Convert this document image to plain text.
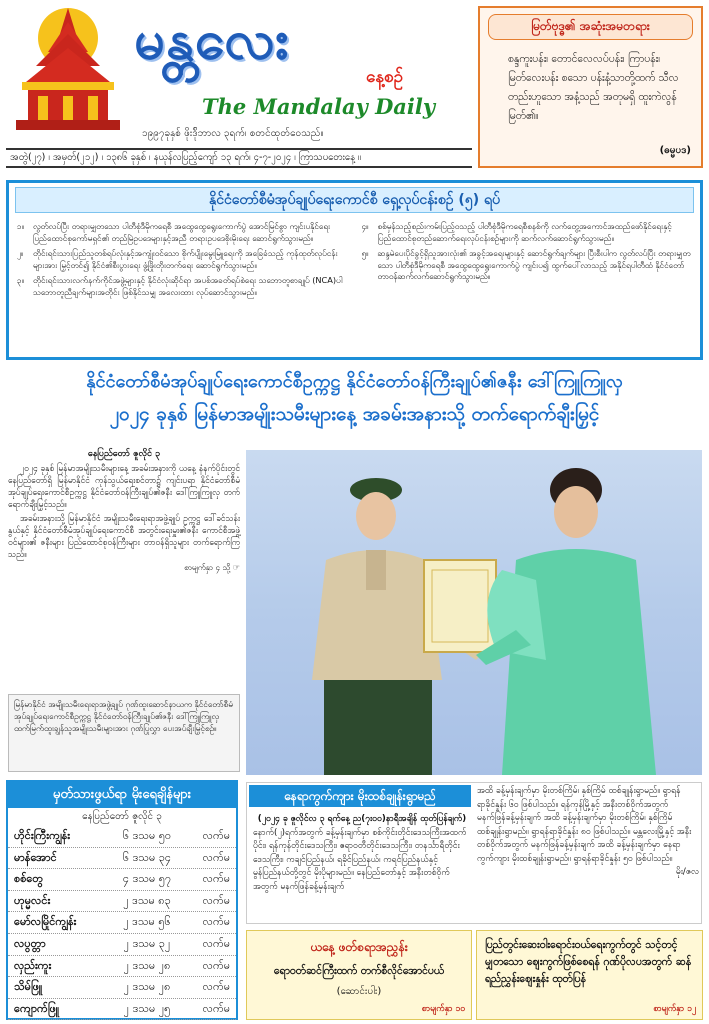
မန္တလေး
နေ့စဉ်
The Mandalay Daily
၁၉၉၇ခုနှစ် ဖိုးဒ်ိုဘာလ ၃ရက်၊ စတင်ထုတ်ဝေသည်။
အတွဲ(၂၇) ၊ အမှတ်(၂၁၂) ၊ ၁၃၈၆ ခုနှစ် ၊ နယုန်လပြည့်ကျော် ၁၃ ရက်၊ ၄-၇-၂၀၂၄ ၊ ကြာသပတေးနေ့ ။
မြတ်ဗုဒ္ဓ၏ အဆုံးအမတရား
စန္ဒကူးပန်း၊ တောင်လေလပ်ပန်း၊ ကြာပန်း၊ မြတ်လေးပန်း စသော ပန်းနံ့သာတို့ထက် သီလတည်းဟူသော အနံ့သည် အတုမရှိ ထူးကဲလွန်မြတ်၏။
(ဓမ္မပဒ)
နိုင်ငံတော်စီမံအုပ်ချုပ်ရေးကောင်စီ ရှေ့လုပ်ငန်းစဉ် (၅) ရပ်
၁။	လွတ်လပ်ပြီး တရားမျှတသော ပါတီစုံဒီမိုကရေစီ အထွေထွေရွေးကောက်ပွဲ အောင်မြင်စွာ ကျင်းပနိုင်ရေး ပြည်ထောင်စုကော်မရှင်၏ တည်မြဲဥပဒေများနှင့်အညီ တရားဥပဒေစိုးမိုးရေး ဆောင်ရွက်သွားမည်။
၂။	တိုင်းရင်းသားပြည်သူတစ်ရပ်လုံးနှင့်အကျုံးဝင်သော စိုက်ပျိုးမွေးမြူရေးကို အခြေခံသည့် ကုန်ထုတ်လုပ်ငန်းများအား မြှင့်တင်၍ နိုင်ငံ၏စီးပွားရေး ဖွံ့ဖြိုးတိုးတက်ရေး ဆောင်ရွက်သွားမည်။
၃။	တိုင်းရင်းသားလက်နက်ကိုင်အဖွဲ့များနှင့် နိုင်ငံလုံးဆိုင်ရာ အပစ်အခတ်ရပ်စဲရေး သဘောတူစာချုပ် (NCA)ပါ သဘောတူညီချက်များအတိုင်း ဖြစ်နိုင်သမျှ အလေးထား လုပ်ဆောင်သွားမည်။
၄။	စစ်မှန်သည့်စည်းကမ်းပြည့်ဝသည့် ပါတီစုံဒီမိုကရေစီစနစ်ကို လက်တွေ့အကောင်အထည်ဖော်နိုင်ရေးနှင့် ပြည်ထောင်စုတည်ဆောက်ရေးလုပ်ငန်းစဉ်များကို ဆက်လက်ဆောင်ရွက်သွားမည်။
၅။	ဆန္ဒမဲပေးပိုင်ခွင့်ရှိသူအားလုံး၏ အခွင့်အရေးများနှင့် ဆောင်ရွက်ချက်များ ပြီးစီးပါက လွတ်လပ်ပြီး တရားမျှတသော ပါတီစုံဒီမိုကရေစီ အထွေထွေရွေးကောက်ပွဲ ကျင်းပ၍ ထွက်ပေါ်လာသည့် အနိုင်ရပါတီထံ နိုင်ငံတော်တာဝန်ဆက်လက်ဆောင်ရွက်သွားမည်။
နိုင်ငံတော်စီမံအုပ်ချုပ်ရေးကောင်စီဥက္ကဋ္ဌ နိုင်ငံတော်ဝန်ကြီးချုပ်၏ဇနီး ဒေါ်ကြူကြူလှ
၂၀၂၄ ခုနှစ် မြန်မာအမျိုးသမီးများနေ့ အခမ်းအနားသို့ တက်ရောက်ချီးမြှင့်
နေပြည်တော် ဇူလိုင် ၃

၂၀၂၄ ခုနှစ် မြန်မာအမျိုးသမီးများနေ့ အခမ်းအနားကို ယနေ့ နံနက်ပိုင်းတွင် နေပြည်တော်ရှိ မြန်မာနိုင်ငံ ကုန်သွယ်ရေးစင်တာ၌ ကျင်းပရာ နိုင်ငံတော်စီမံအုပ်ချုပ်ရေးကောင်စီဥက္ကဋ္ဌ နိုင်ငံတော်ဝန်ကြီးချုပ်၏ဇနီး ဒေါ်ကြူကြူလှ တက်ရောက်ချီးမြှင့်သည်။

အခမ်းအနားသို့ မြန်မာနိုင်ငံ အမျိုးသမီးရေးရာအဖွဲ့ချုပ် ဥက္ကဋ္ဌ ဒေါ်ခင်သန်းနွယ်နှင့် နိုင်ငံတော်စီမံအုပ်ချုပ်ရေးကောင်စီ အတွင်းရေးမှူး၏ဇနီး ကောင်စီအဖွဲ့ဝင်များ၏ ဇနီးများ ပြည်ထောင်စုဝန်ကြီးများ တာဝန်ရှိသူများ တက်ရောက်ကြသည်။

စာမျက်နှာ ၄ သို့ ☞
မြန်မာနိုင်ငံ အမျိုးသမီးရေးရာအဖွဲ့ချုပ် ဂုဏ်ထူးဆောင်နာယက နိုင်ငံတော်စီမံအုပ်ချုပ်ရေးကောင်စီဥက္ကဋ္ဌ နိုင်ငံတော်ဝန်ကြီးချုပ်၏ဇနီး ဒေါ်ကြူကြူလှ ထက်မြက်ထူးချွန်သူအမျိုးသမီးများအား ဂုဏ်ပြုလွှာ ပေးအပ်ချီးမြှင့်စဉ်။
မှတ်သားဖွယ်ရာ မိုးရေချိန်များ
နေပြည်တော် ဇူလိုင် ၃
ဟိုင်းကြီးကျွန်း	၆ ဒသမ ၅၀	လက်မ
မာန်အောင်	၆ ဒသမ ၃၄	လက်မ
စစ်တွေ	၄ ဒသမ ၅၇	လက်မ
ဟုမ္မလင်း	၂ ဒသမ ၈၃	လက်မ
မော်လမြိုင်ကျွန်း	၂ ဒသမ ၅၆	လက်မ
လပွတ္တာ	၂ ဒသမ ၃၂	လက်မ
လှည်းကူး	၂ ဒသမ ၂၈	လက်မ
သိမ်ဖြူ	၂ ဒသမ ၂၈	လက်မ
ကျောက်ဖြူ	၂ ဒသမ ၂၅	လက်မ
နေရာကွက်ကျား မိုးထစ်ချုန်းရွာမည်
(၂၀၂၄ ခု ဇူလိုင်လ ၃ ရက်နေ့ ည(၇း၀၀)နာရီအချိန် ထုတ်ပြန်ချက်)
နောက်(၂)ရက်အတွက် ခန့်မှန်းချက်မှာ စစ်ကိုင်းတိုင်းဒေသကြီးအထက်ပိုင်း၊ ရန်ကုန်တိုင်းဒေသကြီး၊ ဧရာဝတီတိုင်းဒေသကြီး၊ တနင်္သာရီတိုင်းဒေသကြီး၊ ကချင်ပြည်နယ်၊ ရခိုင်ပြည်နယ်၊ ကရင်ပြည်နယ်နှင့် မွန်ပြည်နယ်တို့တွင် မိုးပိုများမည်။ နေပြည်တော်နှင့် အနီးတစ်ဝိုက်အတွက် မနက်ဖြန်ခန့်မှန်းချက်
အထိ ခန့်မှန်းချက်မှာ မိုးတစ်ကြိမ်၊ နှစ်ကြိမ် ထစ်ချုန်းရွာမည်။ ရွာရန်ရာခိုင်နှုန်း ၆၀ ဖြစ်ပါသည်။ ရန်ကုန်မြို့နှင့် အနီးတစ်ဝိုက်အတွက် မနက်ဖြန်ခန့်မှန်းချက် အထိ ခန့်မှန်းချက်မှာ မိုးတစ်ကြိမ်၊ နှစ်ကြိမ် ထစ်ချုန်းရွာမည်။ ရွာရန်ရာခိုင်နှုန်း ၈၀ ဖြစ်ပါသည်။ မန္တလေးမြို့နှင့် အနီးတစ်ဝိုက်အတွက် မနက်ဖြန်ခန့်မှန်းချက် အထိ ခန့်မှန်းချက်မှာ နေရာကွက်ကျား မိုးထစ်ချုန်းရွာမည်။ ရွာရန်ရာခိုင်နှုန်း ၅၀ ဖြစ်ပါသည်။
မိုး/ဇလ
ယနေ့ ဖတ်စရာအညွှန်း
ရောဝတ်ဆင်ကြီးထက် တက်စီလိုင်အောင်ပယ်
(ဆောင်းပါး)
စာမျက်နှာ ၁၀
ပြည်တွင်းဆေးဝါးရောင်းဝယ်ရေးကွက်တွင် သင့်တင့်မျှတသော ဈေးကွက်ဖြစ်စေရန် ဂုဏ်ပိုလပအတွက် ဆန်ရည်ညွှန်းဈေးနှုန်း ထုတ်ပြန်
စာမျက်နှာ ၁၂
